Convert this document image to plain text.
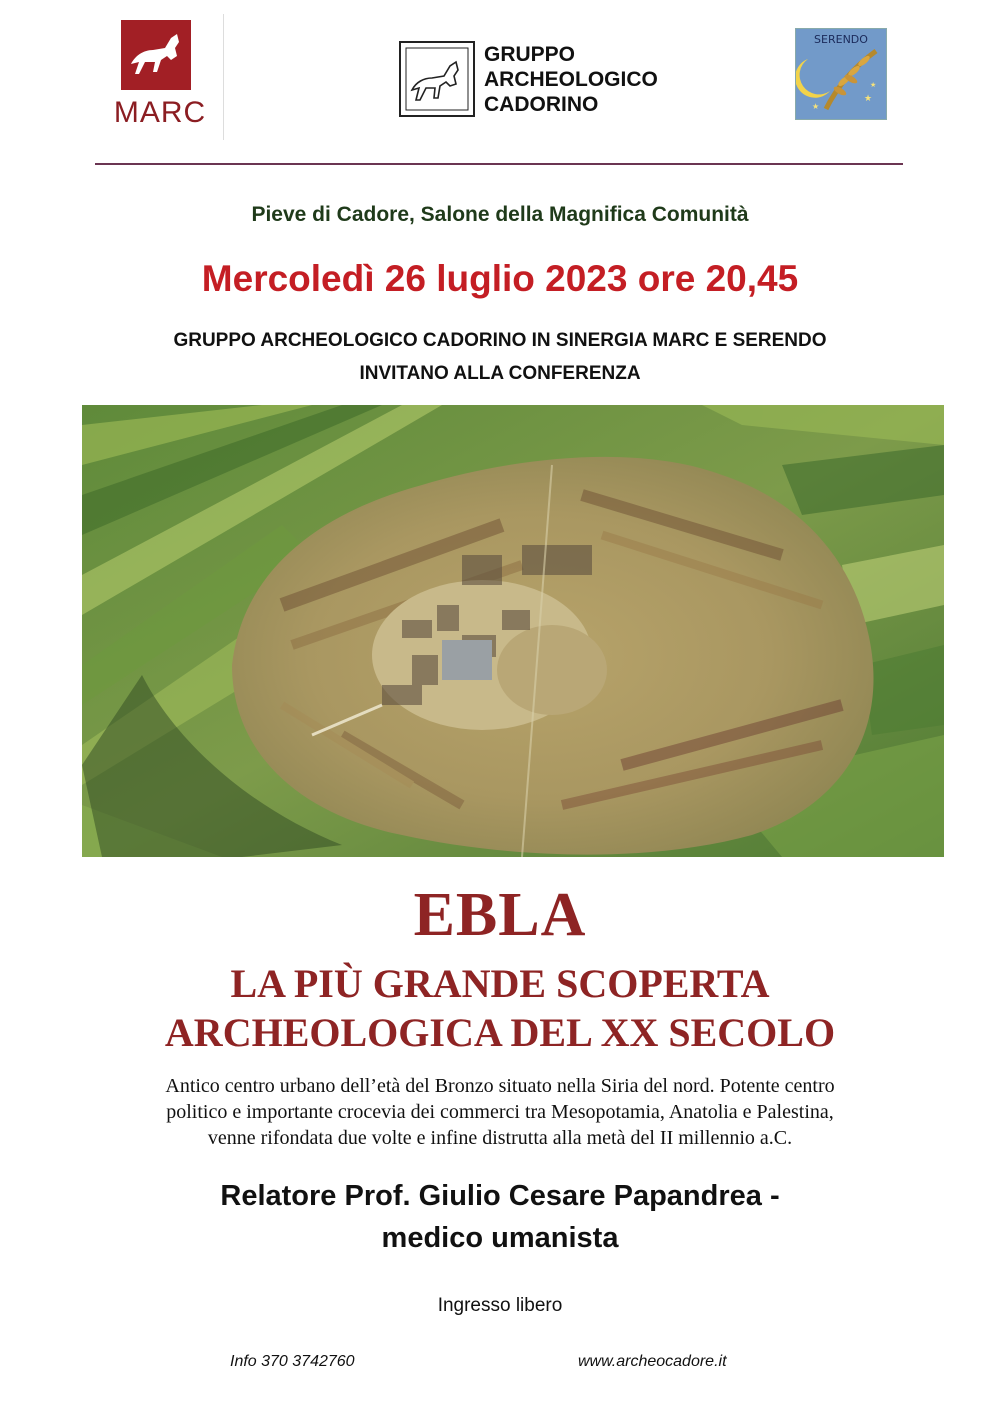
MARC
GRUPPO
ARCHEOLOGICO
CADORINO	★
★
★
SERENDO
Pieve di Cadore, Salone della Magnifica Comunità
Mercoledì 26 luglio 2023 ore 20,45
GRUPPO ARCHEOLOGICO CADORINO IN SINERGIA MARC E SERENDO
INVITANO ALLA CONFERENZA
EBLA
LA PIÙ GRANDE SCOPERTA
ARCHEOLOGICA DEL XX SECOLO
Antico centro urbano dell’età del Bronzo situato nella Siria del nord. Potente centro
politico e importante crocevia dei commerci tra Mesopotamia, Anatolia e Palestina,
venne rifondata due volte e infine distrutta alla metà del II millennio a.C.
Relatore Prof. Giulio Cesare Papandrea -
medico umanista
Ingresso libero
Info 370 3742760	www.archeocadore.it
